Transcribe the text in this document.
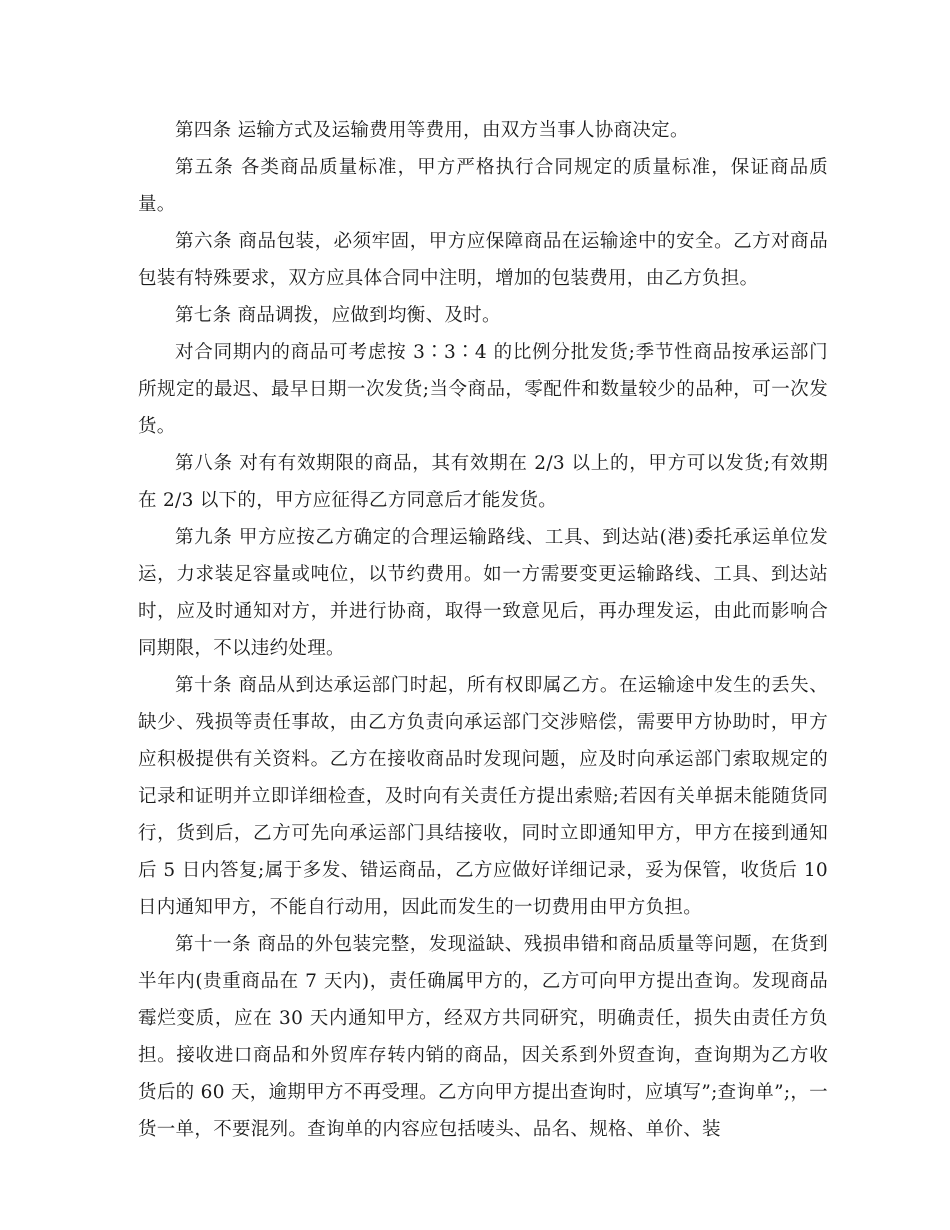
第四条 运输方式及运输费用等费用，由双方当事人协商决定。

第五条 各类商品质量标准，甲方严格执行合同规定的质量标准，保证商品质量。

第六条 商品包装，必须牢固，甲方应保障商品在运输途中的安全。乙方对商品包装有特殊要求，双方应具体合同中注明，增加的包装费用，由乙方负担。

第七条 商品调拨，应做到均衡、及时。

对合同期内的商品可考虑按 3∶3∶4 的比例分批发货;季节性商品按承运部门所规定的最迟、最早日期一次发货;当令商品，零配件和数量较少的品种，可一次发货。

第八条 对有有效期限的商品，其有效期在 2/3 以上的，甲方可以发货;有效期在 2/3 以下的，甲方应征得乙方同意后才能发货。

第九条 甲方应按乙方确定的合理运输路线、工具、到达站(港)委托承运单位发运，力求装足容量或吨位，以节约费用。如一方需要变更运输路线、工具、到达站时，应及时通知对方，并进行协商，取得一致意见后，再办理发运，由此而影响合同期限，不以违约处理。

第十条 商品从到达承运部门时起，所有权即属乙方。在运输途中发生的丢失、缺少、残损等责任事故，由乙方负责向承运部门交涉赔偿，需要甲方协助时，甲方应积极提供有关资料。乙方在接收商品时发现问题，应及时向承运部门索取规定的记录和证明并立即详细检查，及时向有关责任方提出索赔;若因有关单据未能随货同行，货到后，乙方可先向承运部门具结接收，同时立即通知甲方，甲方在接到通知后 5 日内答复;属于多发、错运商品，乙方应做好详细记录，妥为保管，收货后 10 日内通知甲方，不能自行动用，因此而发生的一切费用由甲方负担。

第十一条 商品的外包装完整，发现溢缺、残损串错和商品质量等问题，在货到半年内(贵重商品在 7 天内)，责任确属甲方的，乙方可向甲方提出查询。发现商品霉烂变质，应在 30 天内通知甲方，经双方共同研究，明确责任，损失由责任方负担。接收进口商品和外贸库存转内销的商品，因关系到外贸查询，查询期为乙方收货后的 60 天，逾期甲方不再受理。乙方向甲方提出查询时，应填写”;查询单”;，一货一单，不要混列。查询单的内容应包括唛头、品名、规格、单价、装
